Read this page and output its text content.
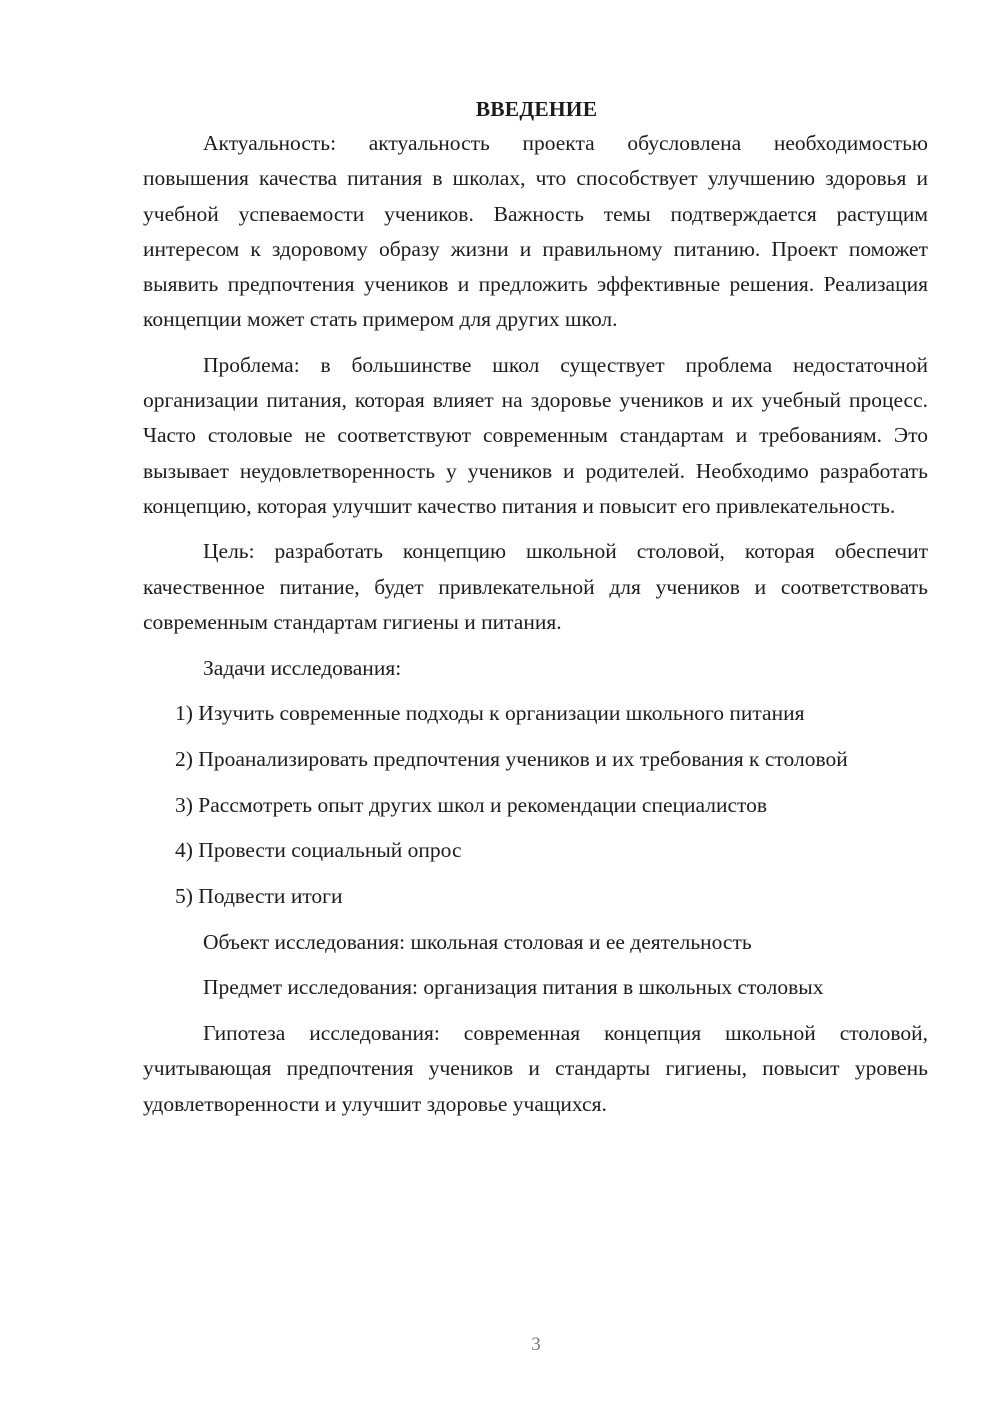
ВВЕДЕНИЕ

Актуальность: актуальность проекта обусловлена необходимостью повышения качества питания в школах, что способствует улучшению здоровья и учебной успеваемости учеников. Важность темы подтверждается растущим интересом к здоровому образу жизни и правильному питанию. Проект поможет выявить предпочтения учеников и предложить эффективные решения. Реализация концепции может стать примером для других школ.

Проблема: в большинстве школ существует проблема недостаточной организации питания, которая влияет на здоровье учеников и их учебный процесс. Часто столовые не соответствуют современным стандартам и требованиям. Это вызывает неудовлетворенность у учеников и родителей. Необходимо разработать концепцию, которая улучшит качество питания и повысит его привлекательность.

Цель: разработать концепцию школьной столовой, которая обеспечит качественное питание, будет привлекательной для учеников и соответствовать современным стандартам гигиены и питания.

Задачи исследования:

1) Изучить современные подходы к организации школьного питания

2) Проанализировать предпочтения учеников и их требования к столовой

3) Рассмотреть опыт других школ и рекомендации специалистов

4) Провести социальный опрос

5) Подвести итоги

Объект исследования: школьная столовая и ее деятельность

Предмет исследования: организация питания в школьных столовых

Гипотеза исследования: современная концепция школьной столовой, учитывающая предпочтения учеников и стандарты гигиены, повысит уровень удовлетворенности и улучшит здоровье учащихся.

3
